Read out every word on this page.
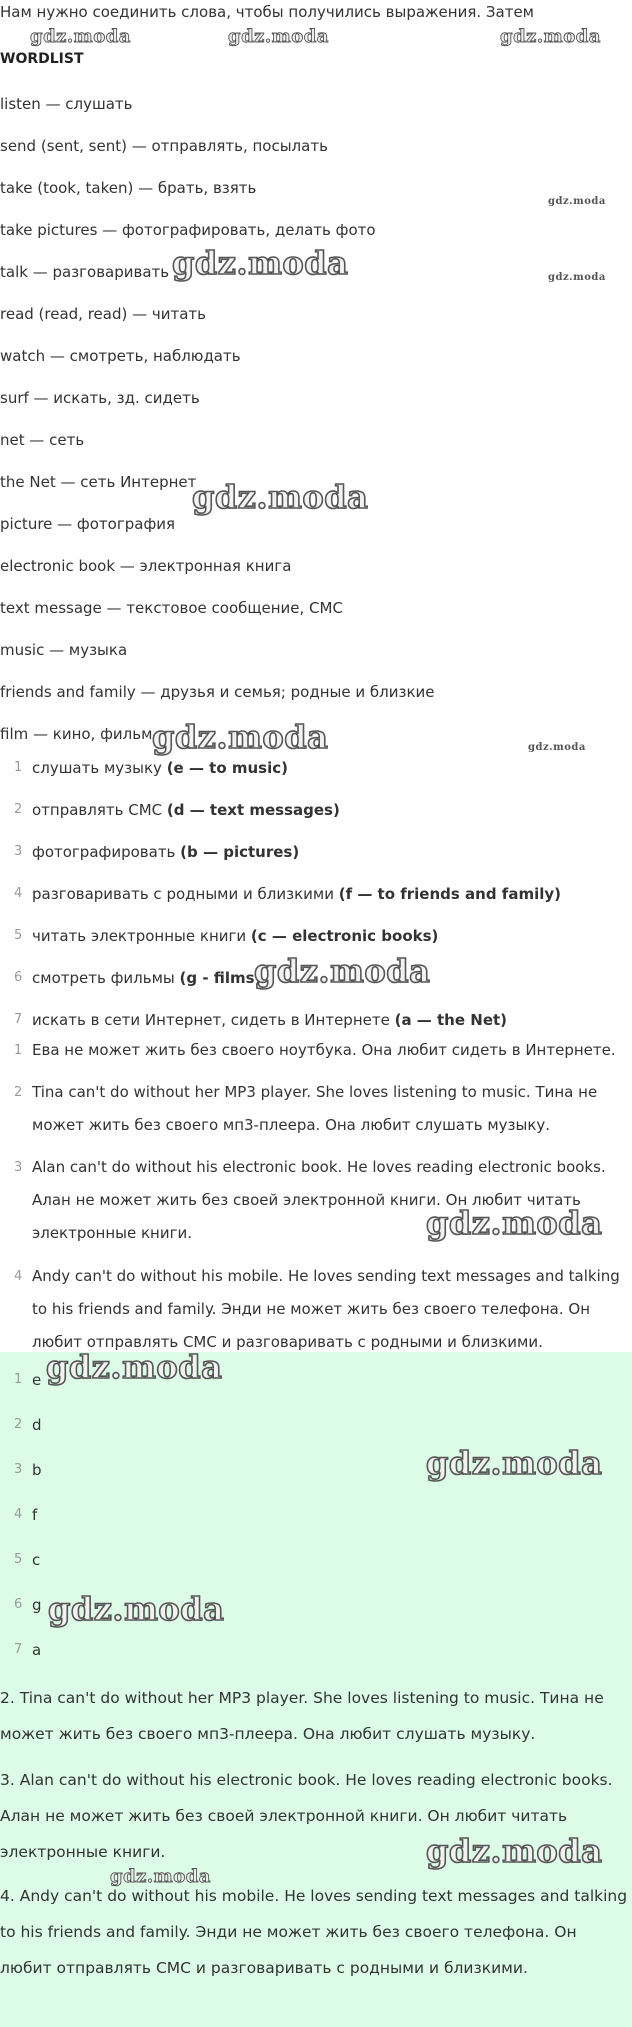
Нам нужно соединить слова, чтобы получились выражения. Затем
WORDLIST
listen — слушать
send (sent, sent) — отправлять, посылать
take (took, taken) — брать, взять
take pictures — фотографировать, делать фото
talk — разговаривать
read (read, read) — читать
watch — смотреть, наблюдать
surf — искать, зд. сидеть
net — сеть
the Net — сеть Интернет
picture — фотография
electronic book — электронная книга
text message — текстовое сообщение, СМС
music — музыка
friends and family — друзья и семья; родные и близкие
film — кино, фильм
1 слушать музыку (e — to music)
2 отправлять СМС (d — text messages)
3 фотографировать (b — pictures)
4 разговаривать с родными и близкими (f — to friends and family)
5 читать электронные книги (c — electronic books)
6 смотреть фильмы (g - films)
7 искать в сети Интернет, сидеть в Интернете (a — the Net)
1 Ева не может жить без своего ноутбука. Она любит сидеть в Интернете.
2 Tina can't do without her MP3 player. She loves listening to music. Тина не может жить без своего мп3-плеера. Она любит слушать музыку.
3 Alan can't do without his electronic book. He loves reading electronic books. Алан не может жить без своей электронной книги. Он любит читать электронные книги.
4 Andy can't do without his mobile. He loves sending text messages and talking to his friends and family. Энди не может жить без своего телефона. Он любит отправлять СМС и разговаривать с родными и близкими.
1 e
2 d
3 b
4 f
5 c
6 g
7 a
2. Tina can't do without her MP3 player. She loves listening to music. Тина не может жить без своего мп3-плеера. Она любит слушать музыку.
3. Alan can't do without his electronic book. He loves reading electronic books. Алан не может жить без своей электронной книги. Он любит читать электронные книги.
4. Andy can't do without his mobile. He loves sending text messages and talking to his friends and family. Энди не может жить без своего телефона. Он любит отправлять СМС и разговаривать с родными и близкими.
gdz.moda	gdz.moda	gdz.moda
gdz.moda
gdz.moda
gdz.moda
gdz.moda
gdz.moda	gdz.moda
gdz.moda
gdz.moda
gdz.moda
gdz.moda
gdz.moda
gdz.moda
gdz.moda
